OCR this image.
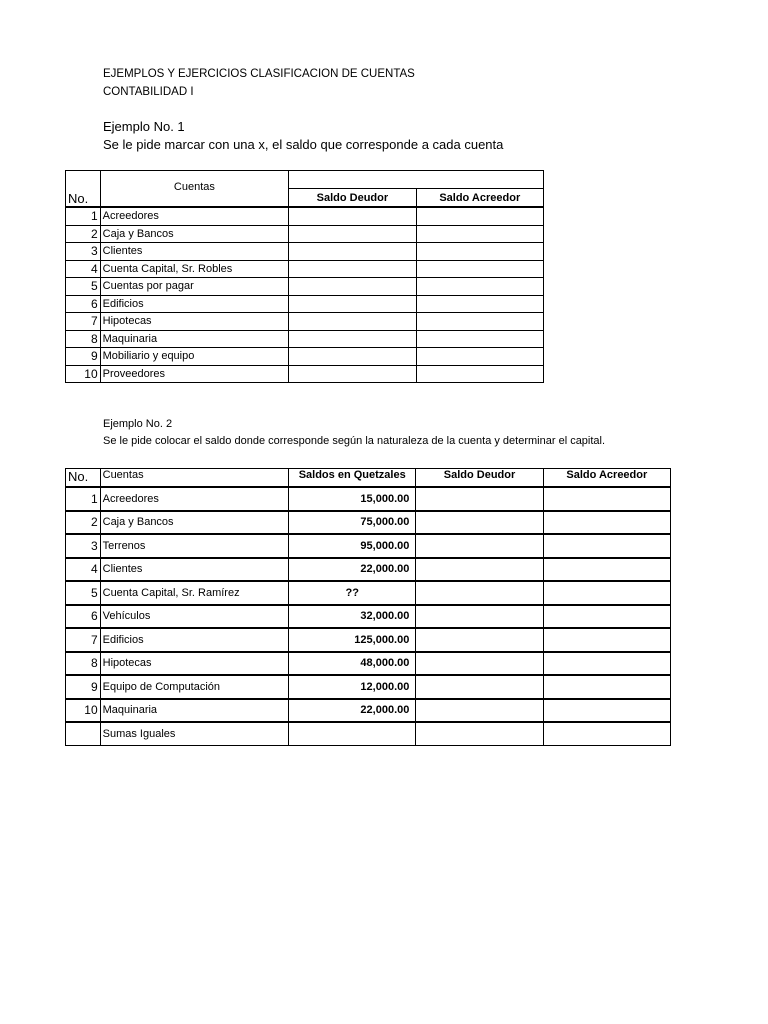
EJEMPLOS Y EJERCICIOS CLASIFICACION DE CUENTAS
CONTABILIDAD I
Ejemplo No. 1
Se le pide marcar con una x, el saldo que corresponde a cada cuenta
No.	Cuentas		
		Saldo Deudor	Saldo Acreedor
1	Acreedores		
2	Caja y Bancos		
3	Clientes		
4	Cuenta Capital, Sr. Robles		
5	Cuentas por pagar		
6	Edificios		
7	Hipotecas		
8	Maquinaria		
9	Mobiliario y equipo		
10	Proveedores		
Ejemplo No. 2
Se le pide colocar el saldo donde corresponde según la naturaleza de la cuenta y determinar el capital.
No.	Cuentas	Saldos en Quetzales	Saldo Deudor	Saldo Acreedor
1	Acreedores	15,000.00		
2	Caja y Bancos	75,000.00		
3	Terrenos	95,000.00		
4	Clientes	22,000.00		
5	Cuenta Capital, Sr. Ramírez	??		
6	Vehículos	32,000.00		
7	Edificios	125,000.00		
8	Hipotecas	48,000.00		
9	Equipo de Computación	12,000.00		
10	Maquinaria	22,000.00		
	Sumas Iguales			
